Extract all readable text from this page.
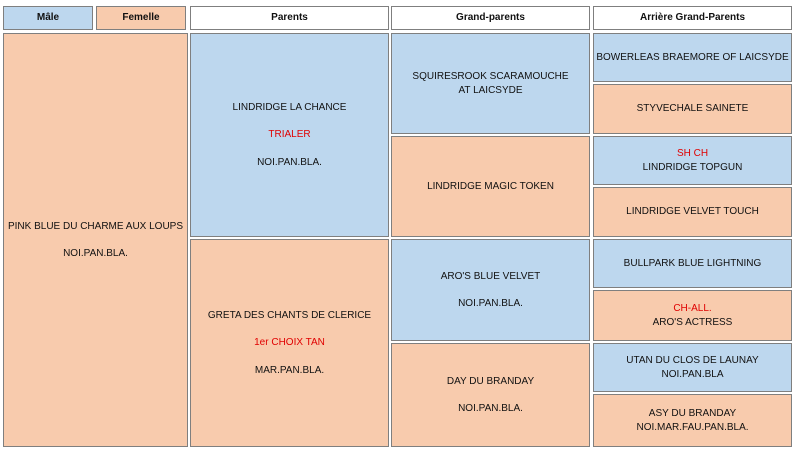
Mâle	Femelle	Parents	Grand-parents	Arrière Grand-Parents
PINK BLUE DU CHARME AUX LOUPS
NOI.PAN.BLA.
LINDRIDGE LA CHANCE
TRIALER
NOI.PAN.BLA.
GRETA DES CHANTS DE CLERICE
1er CHOIX TAN
MAR.PAN.BLA.
SQUIRESROOK SCARAMOUCHE
AT LAICSYDE
LINDRIDGE MAGIC TOKEN
ARO'S BLUE VELVET
NOI.PAN.BLA.
DAY DU BRANDAY
NOI.PAN.BLA.
BOWERLEAS BRAEMORE OF LAICSYDE
STYVECHALE SAINETE
SH CH
LINDRIDGE TOPGUN
LINDRIDGE VELVET TOUCH
BULLPARK BLUE LIGHTNING
CH-ALL.
ARO'S ACTRESS
UTAN DU CLOS DE LAUNAY
NOI.PAN.BLA
ASY DU BRANDAY
NOI.MAR.FAU.PAN.BLA.
